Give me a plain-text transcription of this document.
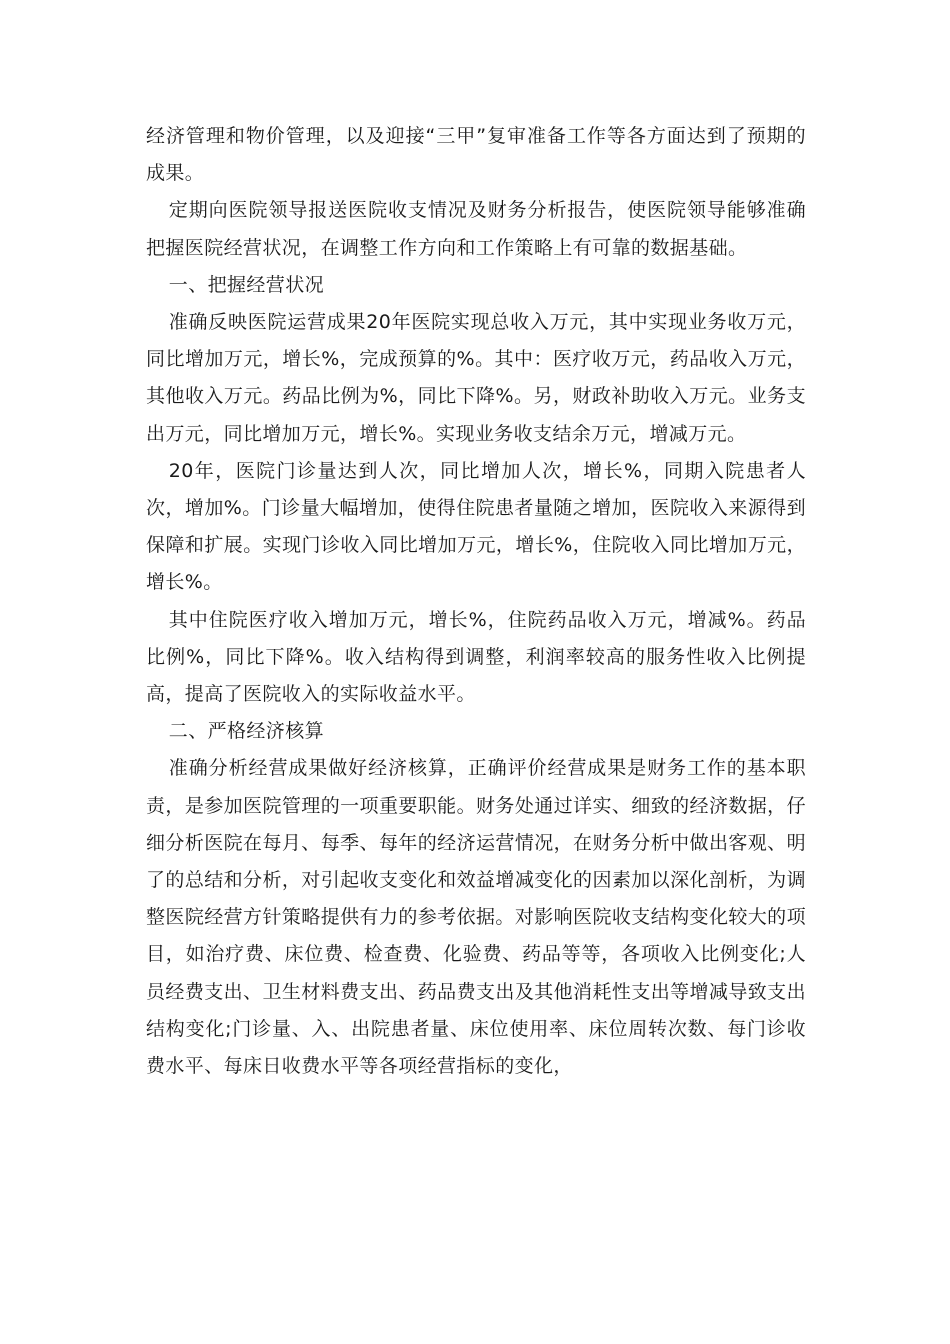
经济管理和物价管理，以及迎接“三甲”复审准备工作等各方面达到了预期的成果。

定期向医院领导报送医院收支情况及财务分析报告，使医院领导能够准确把握医院经营状况，在调整工作方向和工作策略上有可靠的数据基础。

一、把握经营状况

准确反映医院运营成果20年医院实现总收入万元，其中实现业务收万元，同比增加万元，增长%，完成预算的%。其中：医疗收万元，药品收入万元，其他收入万元。药品比例为%，同比下降%。另，财政补助收入万元。业务支出万元，同比增加万元，增长%。实现业务收支结余万元，增减万元。

20年，医院门诊量达到人次，同比增加人次，增长%，同期入院患者人次，增加%。门诊量大幅增加，使得住院患者量随之增加，医院收入来源得到保障和扩展。实现门诊收入同比增加万元，增长%，住院收入同比增加万元，增长%。

其中住院医疗收入增加万元，增长%，住院药品收入万元，增减%。药品比例%，同比下降%。收入结构得到调整，利润率较高的服务性收入比例提高，提高了医院收入的实际收益水平。

二、严格经济核算

准确分析经营成果做好经济核算，正确评价经营成果是财务工作的基本职责，是参加医院管理的一项重要职能。财务处通过详实、细致的经济数据，仔细分析医院在每月、每季、每年的经济运营情况，在财务分析中做出客观、明了的总结和分析，对引起收支变化和效益增减变化的因素加以深化剖析，为调整医院经营方针策略提供有力的参考依据。对影响医院收支结构变化较大的项目，如治疗费、床位费、检查费、化验费、药品等等，各项收入比例变化;人员经费支出、卫生材料费支出、药品费支出及其他消耗性支出等增减导致支出结构变化;门诊量、入、出院患者量、床位使用率、床位周转次数、每门诊收费水平、每床日收费水平等各项经营指标的变化，
